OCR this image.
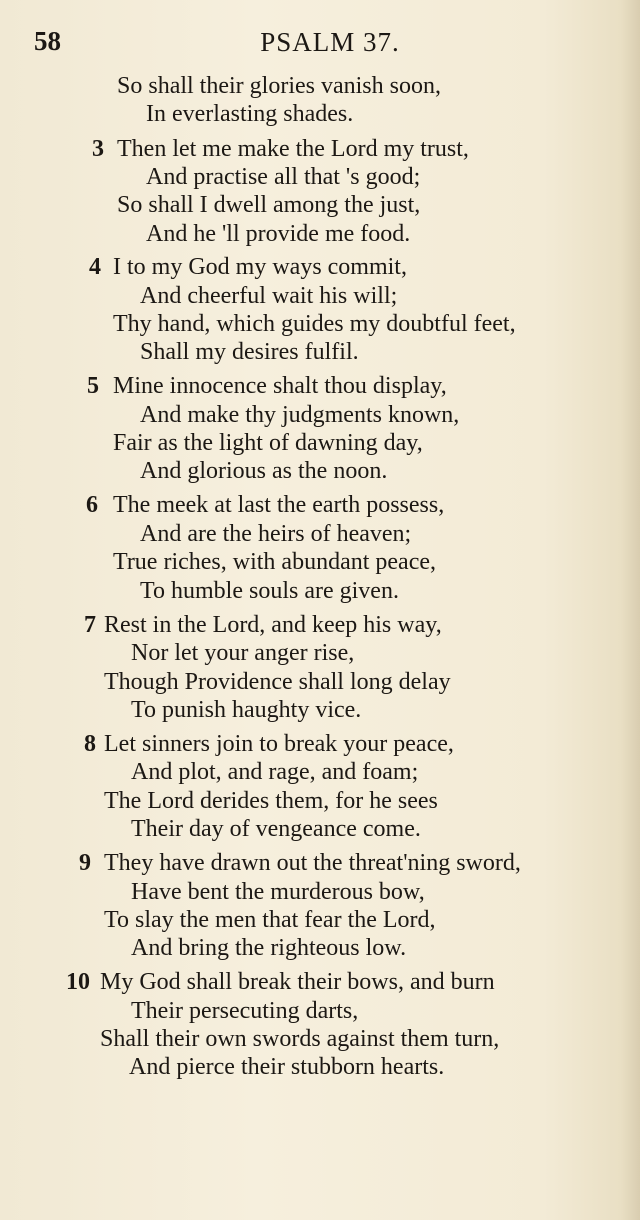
58	PSALM 37.
So shall their glories vanish soon,
In everlasting shades.
3 Then let me make the Lord my trust,
And practise all that 's good;
So shall I dwell among the just,
And he 'll provide me food.
4 I to my God my ways commit,
And cheerful wait his will;
Thy hand, which guides my doubtful feet,
Shall my desires fulfil.
5 Mine innocence shalt thou display,
And make thy judgments known,
Fair as the light of dawning day,
And glorious as the noon.
6 The meek at last the earth possess,
And are the heirs of heaven;
True riches, with abundant peace,
To humble souls are given.
7 Rest in the Lord, and keep his way,
Nor let your anger rise,
Though Providence shall long delay
To punish haughty vice.
8 Let sinners join to break your peace,
And plot, and rage, and foam;
The Lord derides them, for he sees
Their day of vengeance come.
9 They have drawn out the threat'ning sword,
Have bent the murderous bow,
To slay the men that fear the Lord,
And bring the righteous low.
10 My God shall break their bows, and burn
Their persecuting darts,
Shall their own swords against them turn,
And pierce their stubborn hearts.
